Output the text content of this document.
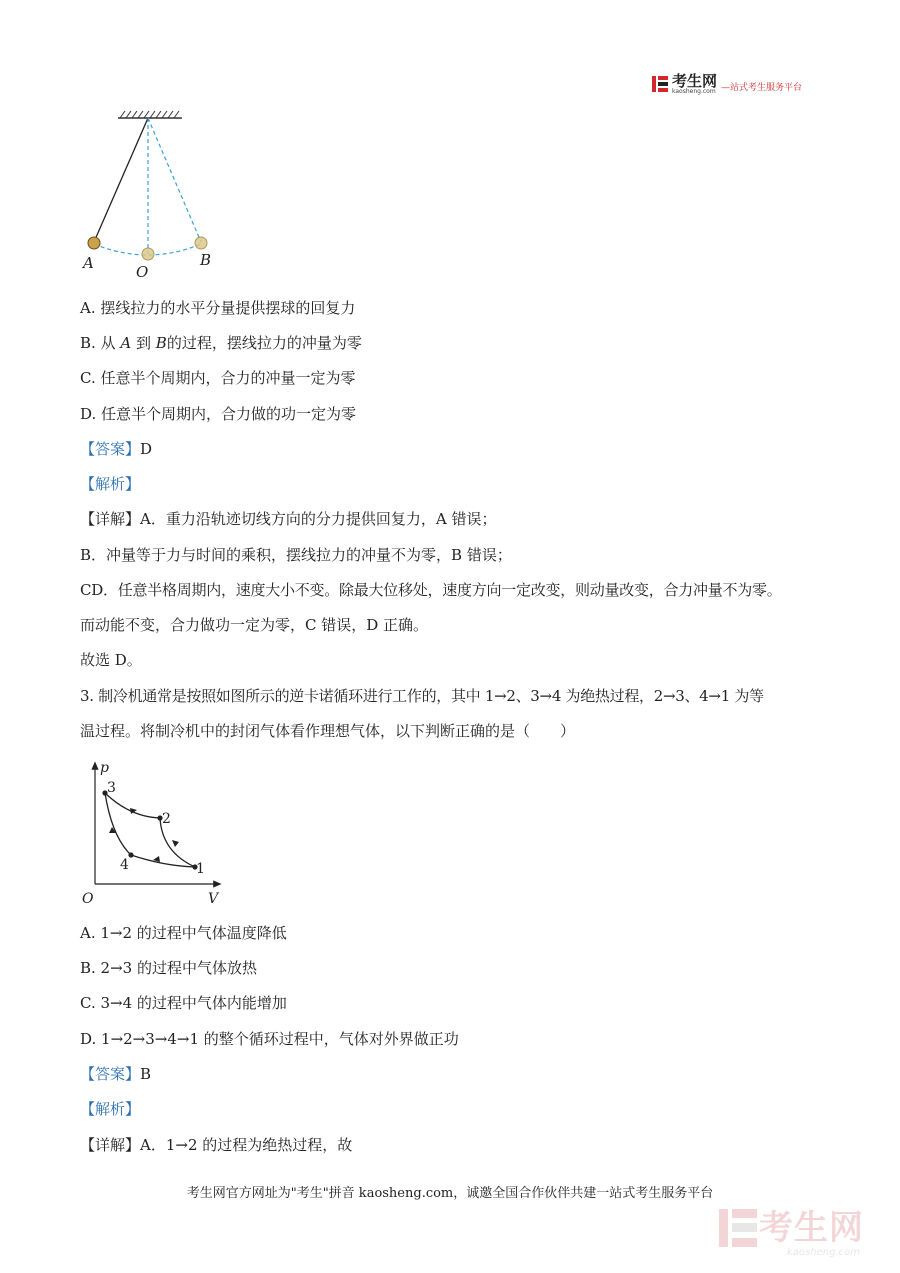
考生网
kaosheng.com —站式考生服务平台
A	O
B
A. 摆线拉力的水平分量提供摆球的回复力
B. 从 A 到 B的过程，摆线拉力的冲量为零
C. 任意半个周期内，合力的冲量一定为零
D. 任意半个周期内，合力做的功一定为零
【答案】D
【解析】
【详解】A．重力沿轨迹切线方向的分力提供回复力，A 错误；
B．冲量等于力与时间的乘积，摆线拉力的冲量不为零，B 错误；
CD．任意半格周期内，速度大小不变。除最大位移处，速度方向一定改变，则动量改变，合力冲量不为零。
而动能不变，合力做功一定为零，C 错误，D 正确。
故选 D。
3. 制冷机通常是按照如图所示的逆卡诺循环进行工作的，其中 1→2、3→4 为绝热过程，2→3、4→1 为等
温过程。将制冷机中的封闭气体看作理想气体，以下判断正确的是（　　）
p
V
O
3
2
4	1
A. 1→2 的过程中气体温度降低
B. 2→3 的过程中气体放热
C. 3→4 的过程中气体内能增加
D. 1→2→3→4→1 的整个循环过程中，气体对外界做正功
【答案】B
【解析】
【详解】A．1→2 的过程为绝热过程，故
考生网官方网址为"考生"拼音 kaosheng.com，诚邀全国合作伙伴共建一站式考生服务平台
考生网
kaosheng.com
